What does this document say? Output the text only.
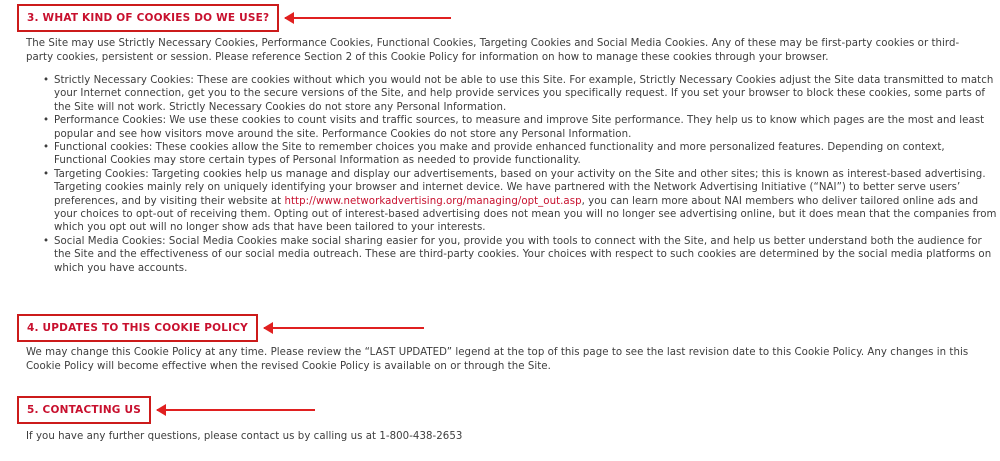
3. WHAT KIND OF COOKIES DO WE USE?

The Site may use Strictly Necessary Cookies, Performance Cookies, Functional Cookies, Targeting Cookies and Social Media Cookies. Any of these may be first-party cookies or third-party cookies, persistent or session. Please reference Section 2 of this Cookie Policy for information on how to manage these cookies through your browser.

• Strictly Necessary Cookies: These are cookies without which you would not be able to use this Site. For example, Strictly Necessary Cookies adjust the Site data transmitted to match your Internet connection, get you to the secure versions of the Site, and help provide services you specifically request. If you set your browser to block these cookies, some parts of the Site will not work. Strictly Necessary Cookies do not store any Personal Information.
• Performance Cookies: We use these cookies to count visits and traffic sources, to measure and improve Site performance. They help us to know which pages are the most and least popular and see how visitors move around the site. Performance Cookies do not store any Personal Information.
• Functional cookies: These cookies allow the Site to remember choices you make and provide enhanced functionality and more personalized features. Depending on context, Functional Cookies may store certain types of Personal Information as needed to provide functionality.
• Targeting Cookies: Targeting cookies help us manage and display our advertisements, based on your activity on the Site and other sites; this is known as interest-based advertising. Targeting cookies mainly rely on uniquely identifying your browser and internet device. We have partnered with the Network Advertising Initiative (“NAI”) to better serve users’ preferences, and by visiting their website at http://www.networkadvertising.org/managing/opt_out.asp, you can learn more about NAI members who deliver tailored online ads and your choices to opt-out of receiving them. Opting out of interest-based advertising does not mean you will no longer see advertising online, but it does mean that the companies from which you opt out will no longer show ads that have been tailored to your interests.
• Social Media Cookies: Social Media Cookies make social sharing easier for you, provide you with tools to connect with the Site, and help us better understand both the audience for the Site and the effectiveness of our social media outreach. These are third-party cookies. Your choices with respect to such cookies are determined by the social media platforms on which you have accounts.
4. UPDATES TO THIS COOKIE POLICY

We may change this Cookie Policy at any time. Please review the “LAST UPDATED” legend at the top of this page to see the last revision date to this Cookie Policy. Any changes in this Cookie Policy will become effective when the revised Cookie Policy is available on or through the Site.

5. CONTACTING US

If you have any further questions, please contact us by calling us at 1-800-438-2653
